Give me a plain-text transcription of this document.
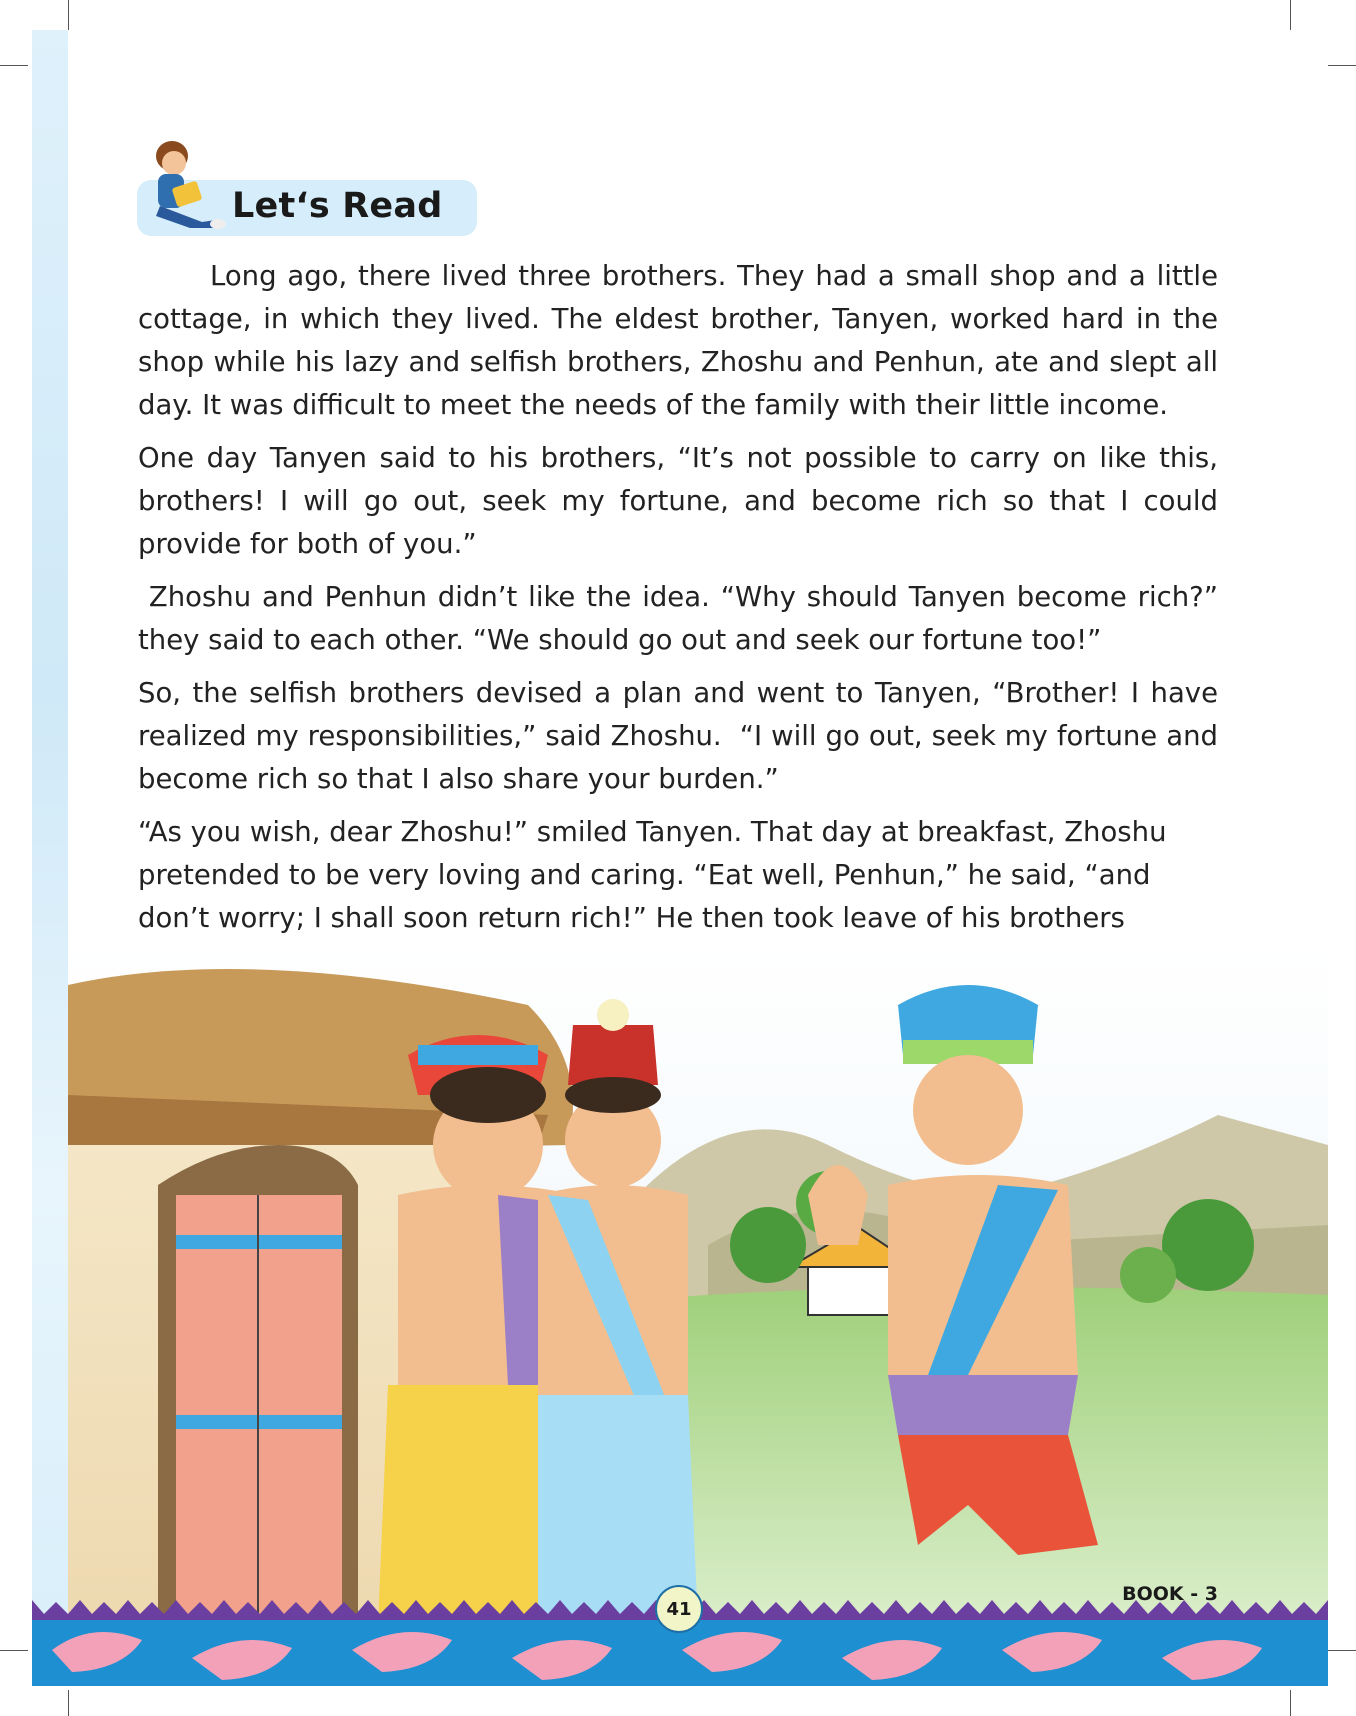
Let‘s Read

Long ago, there lived three brothers. They had a small shop and a little cottage, in which they lived. The eldest brother, Tanyen, worked hard in the shop while his lazy and selfish brothers, Zhoshu and Penhun, ate and slept all day. It was difficult to meet the needs of the family with their little income.

One day Tanyen said to his brothers, “It’s not possible to carry on like this, brothers! I will go out, seek my fortune, and become rich so that I could provide for both of you.”

Zhoshu and Penhun didn’t like the idea. “Why should Tanyen become rich?” they said to each other. “We should go out and seek our fortune too!”

So, the selfish brothers devised a plan and went to Tanyen, “Brother! I have realized my responsibilities,” said Zhoshu.  “I will go out, seek my fortune and become rich so that I also share your burden.”

“As you wish, dear Zhoshu!” smiled Tanyen. That day at breakfast, Zhoshu pretended to be very loving and caring. “Eat well, Penhun,” he said, “and don’t worry; I shall soon return rich!” He then took leave of his brothers

41
BOOK - 3
